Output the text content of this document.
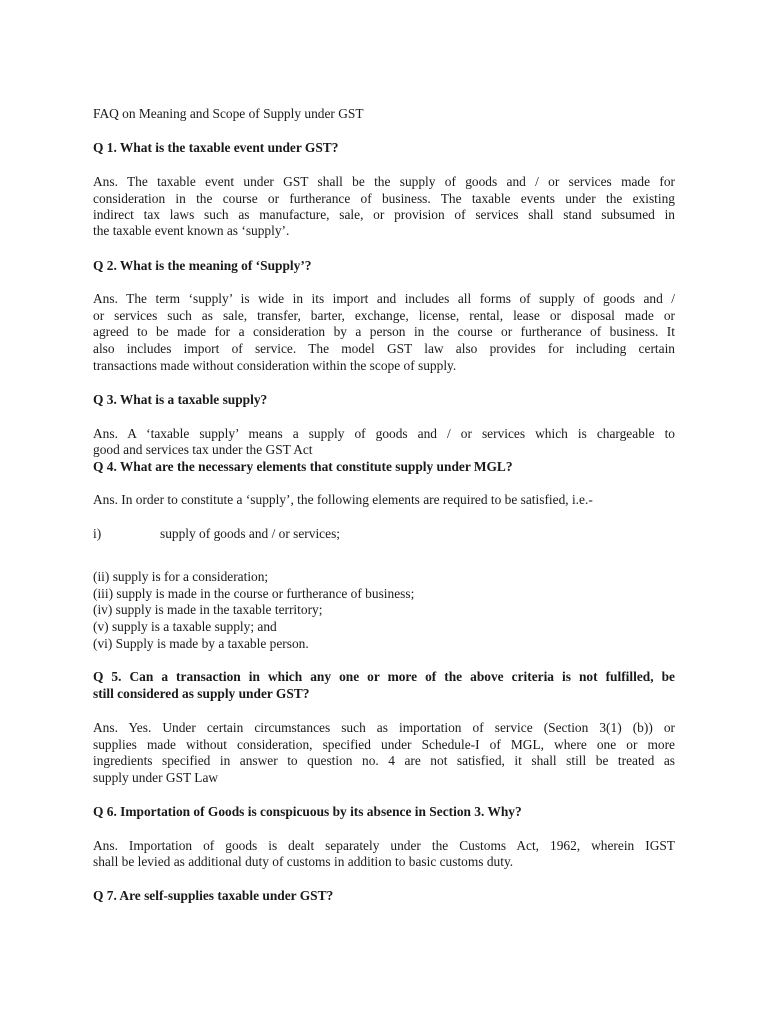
FAQ on Meaning and Scope of Supply under GST
Q 1. What is the taxable event under GST?
Ans. The taxable event under GST shall be the supply of goods and / or services made for
consideration in the course or furtherance of business. The taxable events under the existing
indirect tax laws such as manufacture, sale, or provision of services shall stand subsumed in
the taxable event known as ‘supply’.
Q 2. What is the meaning of ‘Supply’?
Ans. The term ‘supply’ is wide in its import and includes all forms of supply of goods and /
or services such as sale, transfer, barter, exchange, license, rental, lease or disposal made or
agreed to be made for a consideration by a person in the course or furtherance of business. It
also includes import of service. The model GST law also provides for including certain
transactions made without consideration within the scope of supply.
Q 3. What is a taxable supply?
Ans. A ‘taxable supply’ means a supply of goods and / or services which is chargeable to
good and services tax under the GST Act
Q 4. What are the necessary elements that constitute supply under MGL?
Ans. In order to constitute a ‘supply’, the following elements are required to be satisfied, i.e.-
i)	supply of goods and / or services;
(ii) supply is for a consideration;
(iii) supply is made in the course or furtherance of business;
(iv) supply is made in the taxable territory;
(v) supply is a taxable supply; and
(vi) Supply is made by a taxable person.
Q 5. Can a transaction in which any one or more of the above criteria is not fulfilled, be
still considered as supply under GST?
Ans. Yes. Under certain circumstances such as importation of service (Section 3(1) (b)) or
supplies made without consideration, specified under Schedule-I of MGL, where one or more
ingredients specified in answer to question no. 4 are not satisfied, it shall still be treated as
supply under GST Law
Q 6. Importation of Goods is conspicuous by its absence in Section 3. Why?
Ans. Importation of goods is dealt separately under the Customs Act, 1962, wherein IGST
shall be levied as additional duty of customs in addition to basic customs duty.
Q 7. Are self-supplies taxable under GST?
